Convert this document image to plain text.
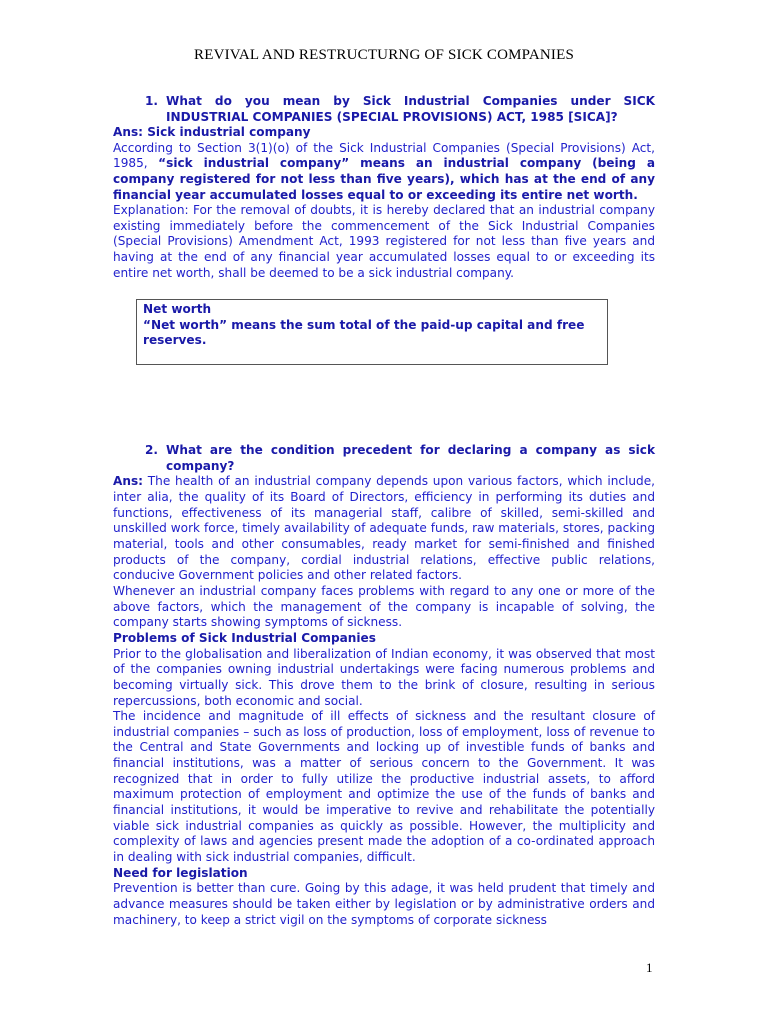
REVIVAL AND RESTRUCTURNG OF SICK COMPANIES
1. What do you mean by Sick Industrial Companies under SICK INDUSTRIAL COMPANIES (SPECIAL PROVISIONS) ACT, 1985 [SICA]?

Ans: Sick industrial company

According to Section 3(1)(o) of the Sick Industrial Companies (Special Provisions) Act, 1985, “sick industrial company” means an industrial company (being a company registered for not less than five years), which has at the end of any financial year accumulated losses equal to or exceeding its entire net worth.

Explanation: For the removal of doubts, it is hereby declared that an industrial company existing immediately before the commencement of the Sick Industrial Companies (Special Provisions) Amendment Act, 1993 registered for not less than five years and having at the end of any financial year accumulated losses equal to or exceeding its entire net worth, shall be deemed to be a sick industrial company.

Net worth
“Net worth” means the sum total of the paid-up capital and free reserves.
2. What are the condition precedent for declaring a company as sick company?

Ans: The health of an industrial company depends upon various factors, which include, inter alia, the quality of its Board of Directors, efficiency in performing its duties and functions, effectiveness of its managerial staff, calibre of skilled, semi-skilled and unskilled work force, timely availability of adequate funds, raw materials, stores, packing material, tools and other consumables, ready market for semi-finished and finished products of the company, cordial industrial relations, effective public relations, conducive Government policies and other related factors.

Whenever an industrial company faces problems with regard to any one or more of the above factors, which the management of the company is incapable of solving, the company starts showing symptoms of sickness.

Problems of Sick Industrial Companies

Prior to the globalisation and liberalization of Indian economy, it was observed that most of the companies owning industrial undertakings were facing numerous problems and becoming virtually sick. This drove them to the brink of closure, resulting in serious repercussions, both economic and social.

The incidence and magnitude of ill effects of sickness and the resultant closure of industrial companies – such as loss of production, loss of employment, loss of revenue to the Central and State Governments and locking up of investible funds of banks and financial institutions, was a matter of serious concern to the Government. It was recognized that in order to fully utilize the productive industrial assets, to afford maximum protection of employment and optimize the use of the funds of banks and financial institutions, it would be imperative to revive and rehabilitate the potentially viable sick industrial companies as quickly as possible. However, the multiplicity and complexity of laws and agencies present made the adoption of a co-ordinated approach in dealing with sick industrial companies, difficult.

Need for legislation

Prevention is better than cure. Going by this adage, it was held prudent that timely and advance measures should be taken either by legislation or by administrative orders and machinery, to keep a strict vigil on the symptoms of corporate sickness

1
